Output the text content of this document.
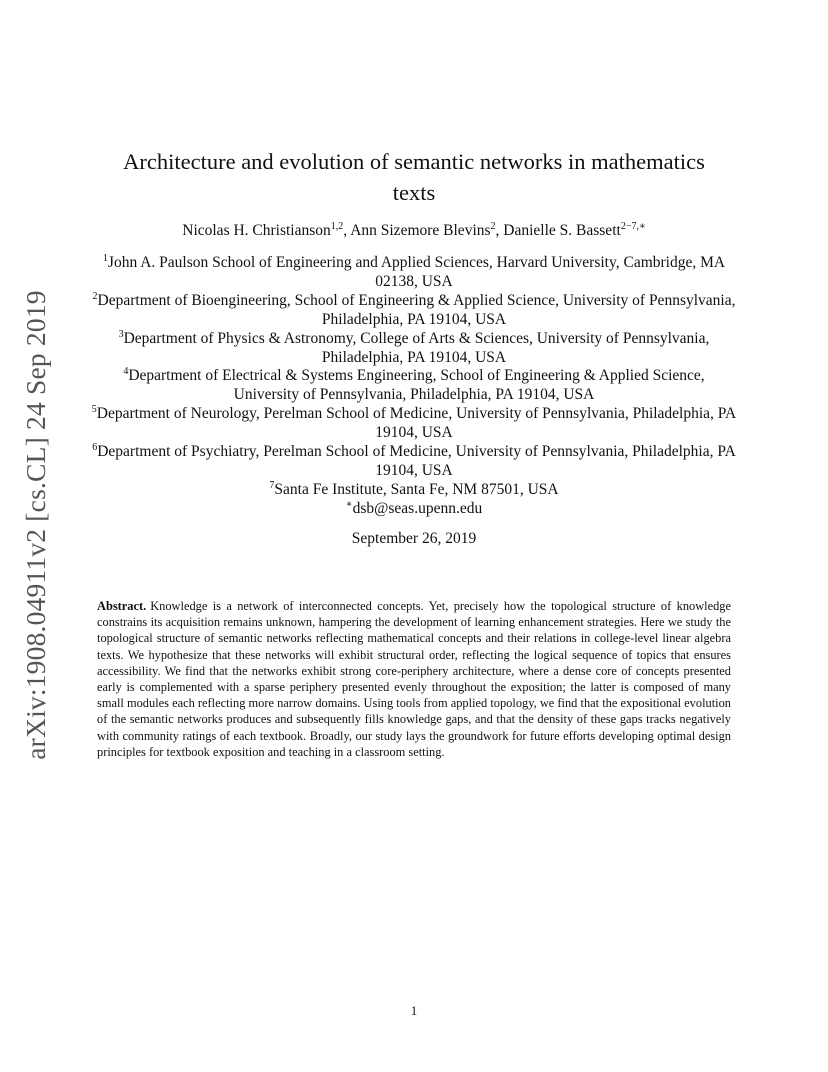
arXiv:1908.04911v2 [cs.CL] 24 Sep 2019
Architecture and evolution of semantic networks in mathematics texts
Nicolas H. Christianson$^{1,2}$, Ann Sizemore Blevins$^2$, Danielle S. Bassett$^{2-7,∗}$

$^1$John A. Paulson School of Engineering and Applied Sciences, Harvard University, Cambridge, MA 02138, USA

$^2$Department of Bioengineering, School of Engineering & Applied Science, University of Pennsylvania, Philadelphia, PA 19104, USA

$^3$Department of Physics & Astronomy, College of Arts & Sciences, University of Pennsylvania, Philadelphia, PA 19104, USA

$^4$Department of Electrical & Systems Engineering, School of Engineering & Applied Science, University of Pennsylvania, Philadelphia, PA 19104, USA

$^5$Department of Neurology, Perelman School of Medicine, University of Pennsylvania, Philadelphia, PA 19104, USA

$^6$Department of Psychiatry, Perelman School of Medicine, University of Pennsylvania, Philadelphia, PA 19104, USA

$^7$Santa Fe Institute, Santa Fe, NM 87501, USA

∗dsb@seas.upenn.edu

September 26, 2019

Abstract. Knowledge is a network of interconnected concepts. Yet, precisely how the topological structure of knowledge constrains its acquisition remains unknown, hampering the development of learning enhancement strategies. Here we study the topological structure of semantic networks reflecting mathematical concepts and their relations in college-level linear algebra texts. We hypothesize that these networks will exhibit structural order, reflecting the logical sequence of topics that ensures accessibility. We find that the networks exhibit strong core-periphery architecture, where a dense core of concepts presented early is complemented with a sparse periphery presented evenly throughout the exposition; the latter is composed of many small modules each reflecting more narrow domains. Using tools from applied topology, we find that the expositional evolution of the semantic networks produces and subsequently fills knowledge gaps, and that the density of these gaps tracks negatively with community ratings of each textbook. Broadly, our study lays the groundwork for future efforts developing optimal design principles for textbook exposition and teaching in a classroom setting.

1
